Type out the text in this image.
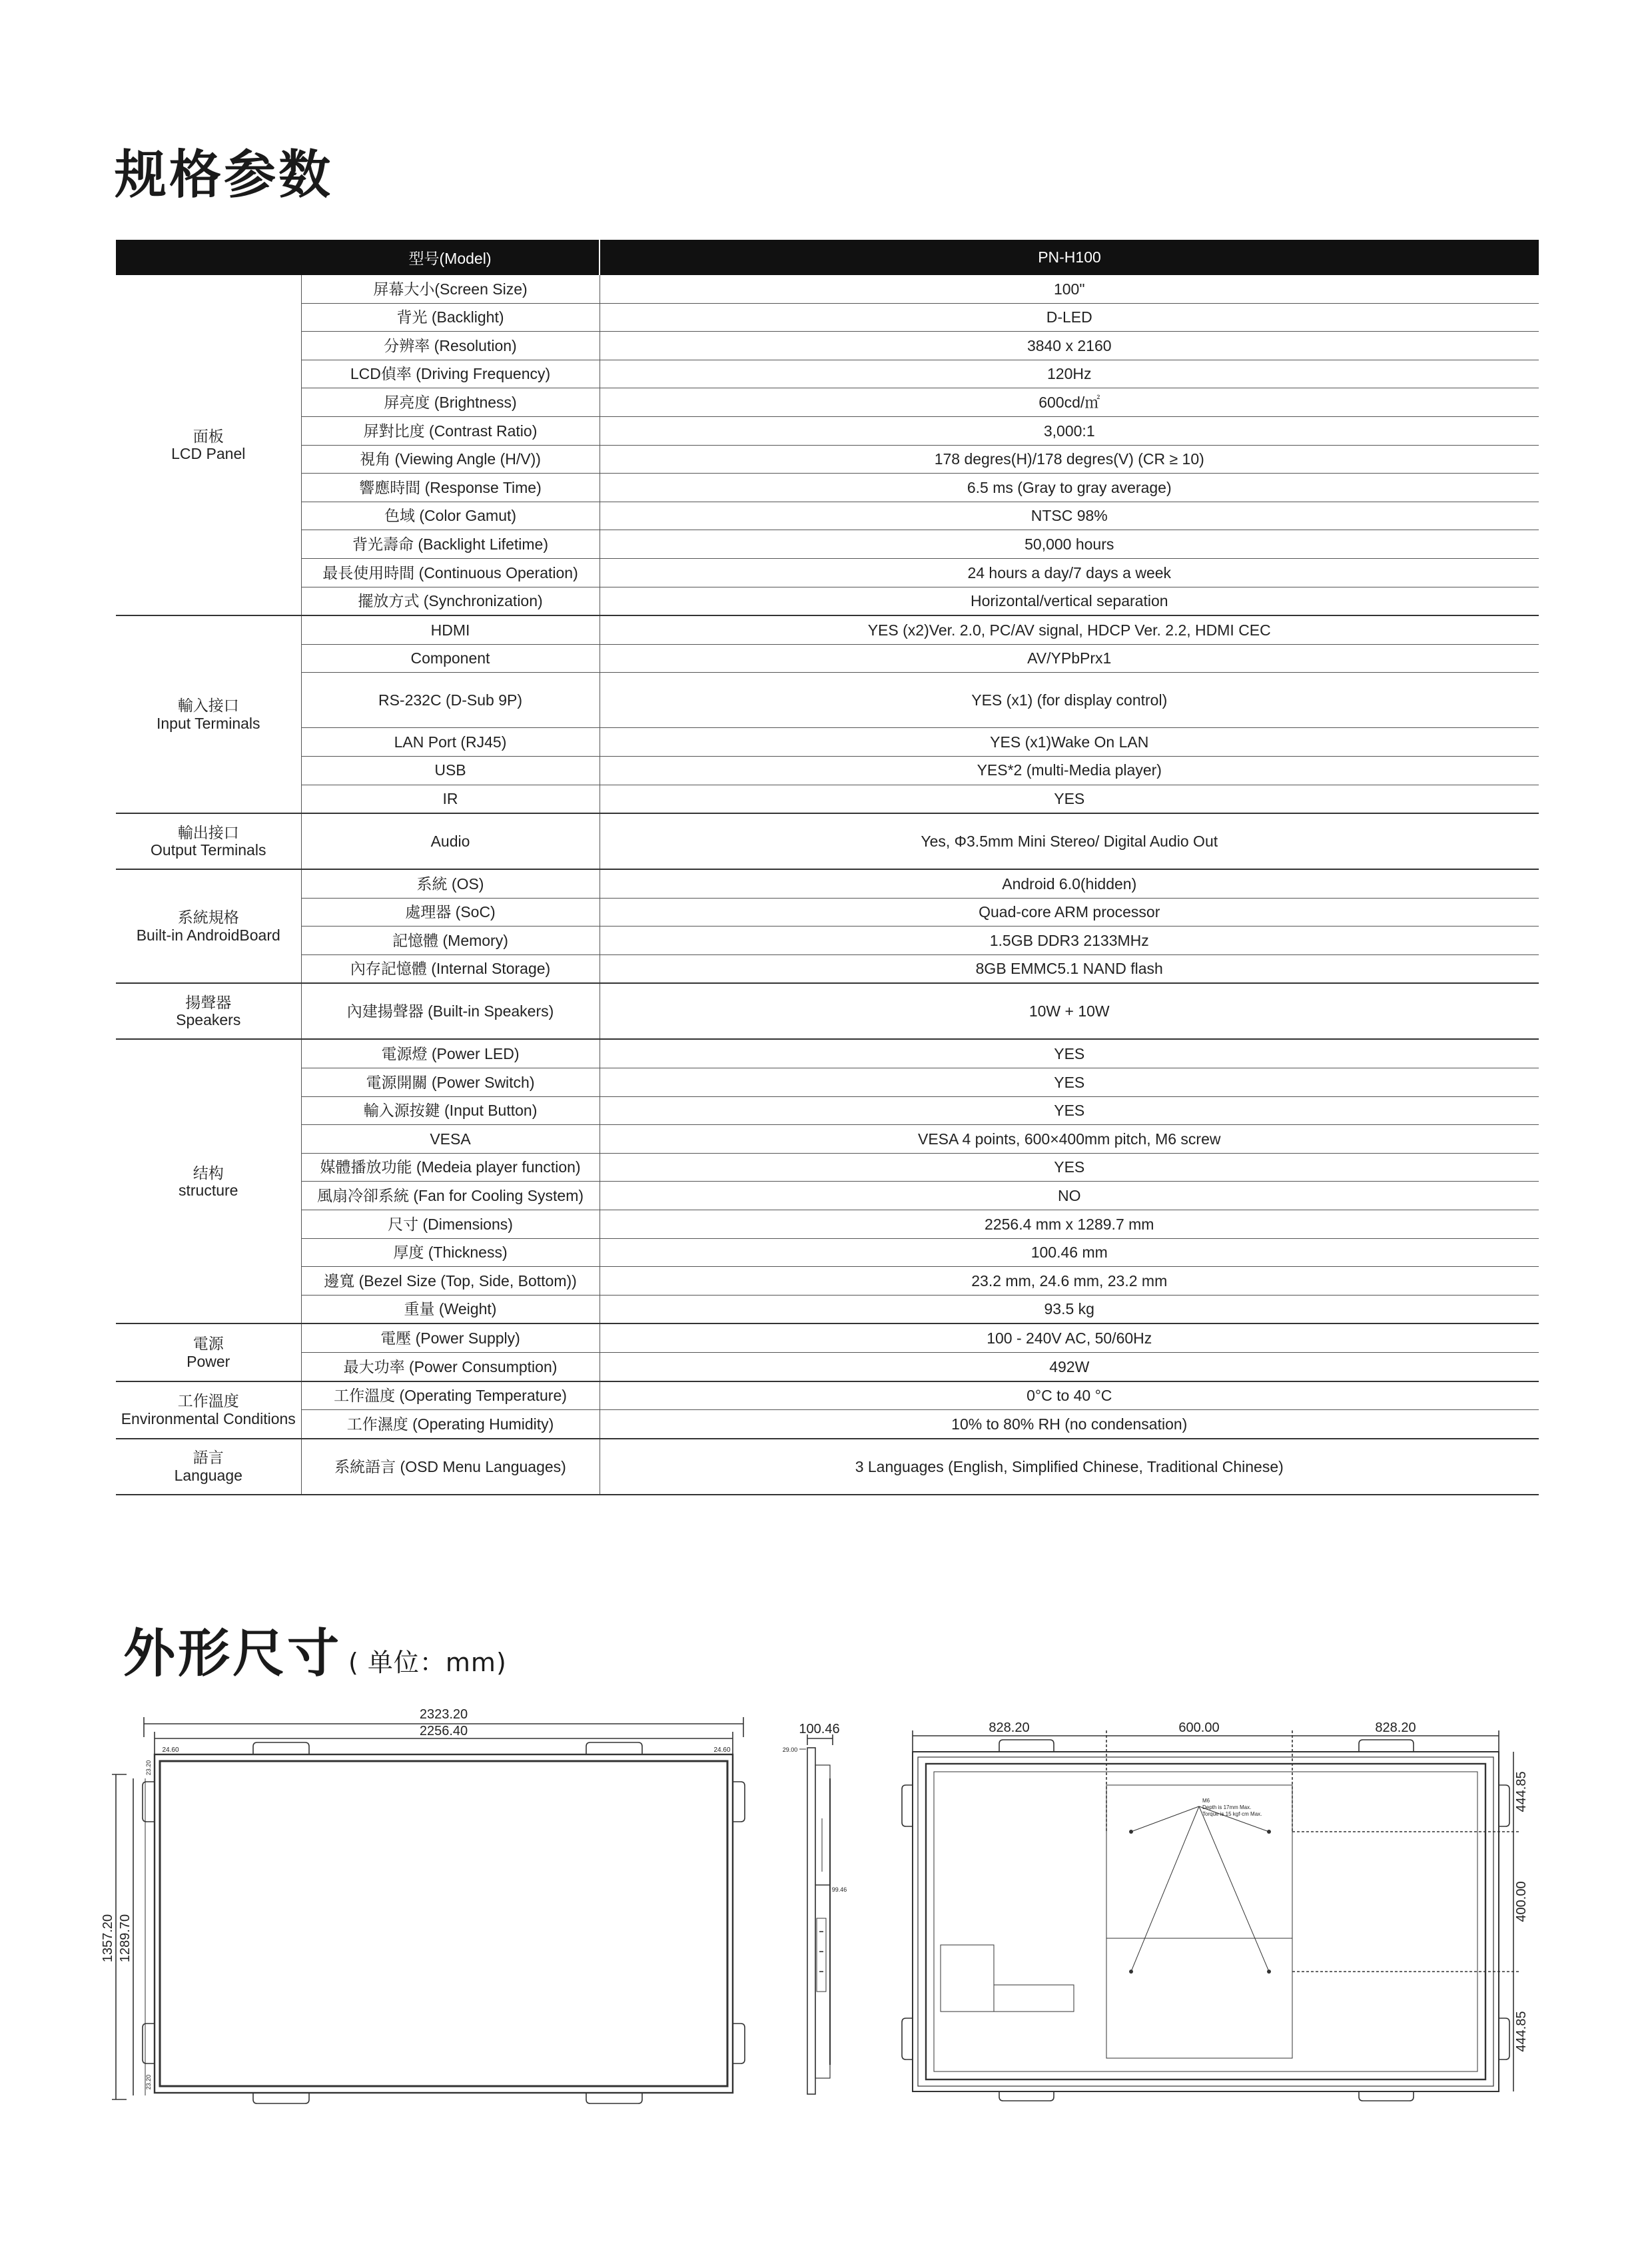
规格参数
	型号(Model)	PN-H100

面板
LCD Panel	屏幕大小(Screen Size)	100"
	背光 (Backlight)	D-LED
	分辨率 (Resolution)	3840 x 2160
	LCD偵率 (Driving Frequency)	120Hz
	屏亮度 (Brightness)	600cd/㎡
	屏對比度 (Contrast Ratio)	3,000:1
	視角 (Viewing Angle (H/V))	178 degres(H)/178 degres(V) (CR ≥ 10)
	響應時間 (Response Time)	6.5 ms (Gray to gray average)
	色域 (Color Gamut)	NTSC 98%
	背光壽命 (Backlight Lifetime)	50,000 hours
	最長使用時間 (Continuous Operation)	24 hours a day/7 days a week
	擺放方式 (Synchronization)	Horizontal/vertical separation

輸入接口
Input Terminals	HDMI	YES (x2)Ver. 2.0, PC/AV signal, HDCP Ver. 2.2, HDMI CEC
	Component	AV/YPbPrx1
	RS-232C (D-Sub 9P)	YES (x1) (for display control)
	LAN Port (RJ45)	YES (x1)Wake On LAN
	USB	YES*2 (multi-Media player)
	IR	YES

輸出接口
Output Terminals	Audio	Yes, Φ3.5mm Mini Stereo/ Digital Audio Out

系統規格
Built-in AndroidBoard	系統 (OS)	Android 6.0(hidden)
	處理器 (SoC)	Quad-core ARM processor
	記憶體 (Memory)	1.5GB DDR3 2133MHz
	內存記憶體 (Internal Storage)	8GB EMMC5.1 NAND flash

揚聲器
Speakers	內建揚聲器 (Built-in Speakers)	10W + 10W

结构
structure	電源燈 (Power LED)	YES
	電源開關 (Power Switch)	YES
	輸入源按鍵 (Input Button)	YES
	VESA	VESA 4 points, 600×400mm pitch, M6 screw
	媒體播放功能 (Medeia player function)	YES
	風扇冷卻系統 (Fan for Cooling System)	NO
	尺寸 (Dimensions)	2256.4 mm x 1289.7 mm
	厚度 (Thickness)	100.46 mm
	邊寬 (Bezel Size (Top, Side, Bottom))	23.2 mm, 24.6 mm, 23.2 mm
	重量 (Weight)	93.5 kg

電源
Power	電壓 (Power Supply)	100 - 240V AC, 50/60Hz
	最大功率 (Power Consumption)	492W

工作溫度
Environmental Conditions	工作溫度 (Operating Temperature)	0°C to 40 °C
	工作濕度 (Operating Humidity)	10% to 80% RH (no condensation)

語言
Language	系統語言 (OSD Menu Languages)	3 Languages (English, Simplified Chinese, Traditional Chinese)
外形尺寸 ( 单位：mm)
2323.20
2256.40
24.60	24.60
1357.20 1289.70
23.20
23.20
100.46
29.00
99.46
828.20	600.00	828.20
444.85
400.00
444.85
M6 Depth is 17mm Max. Torque is 15 kgf·cm Max.
